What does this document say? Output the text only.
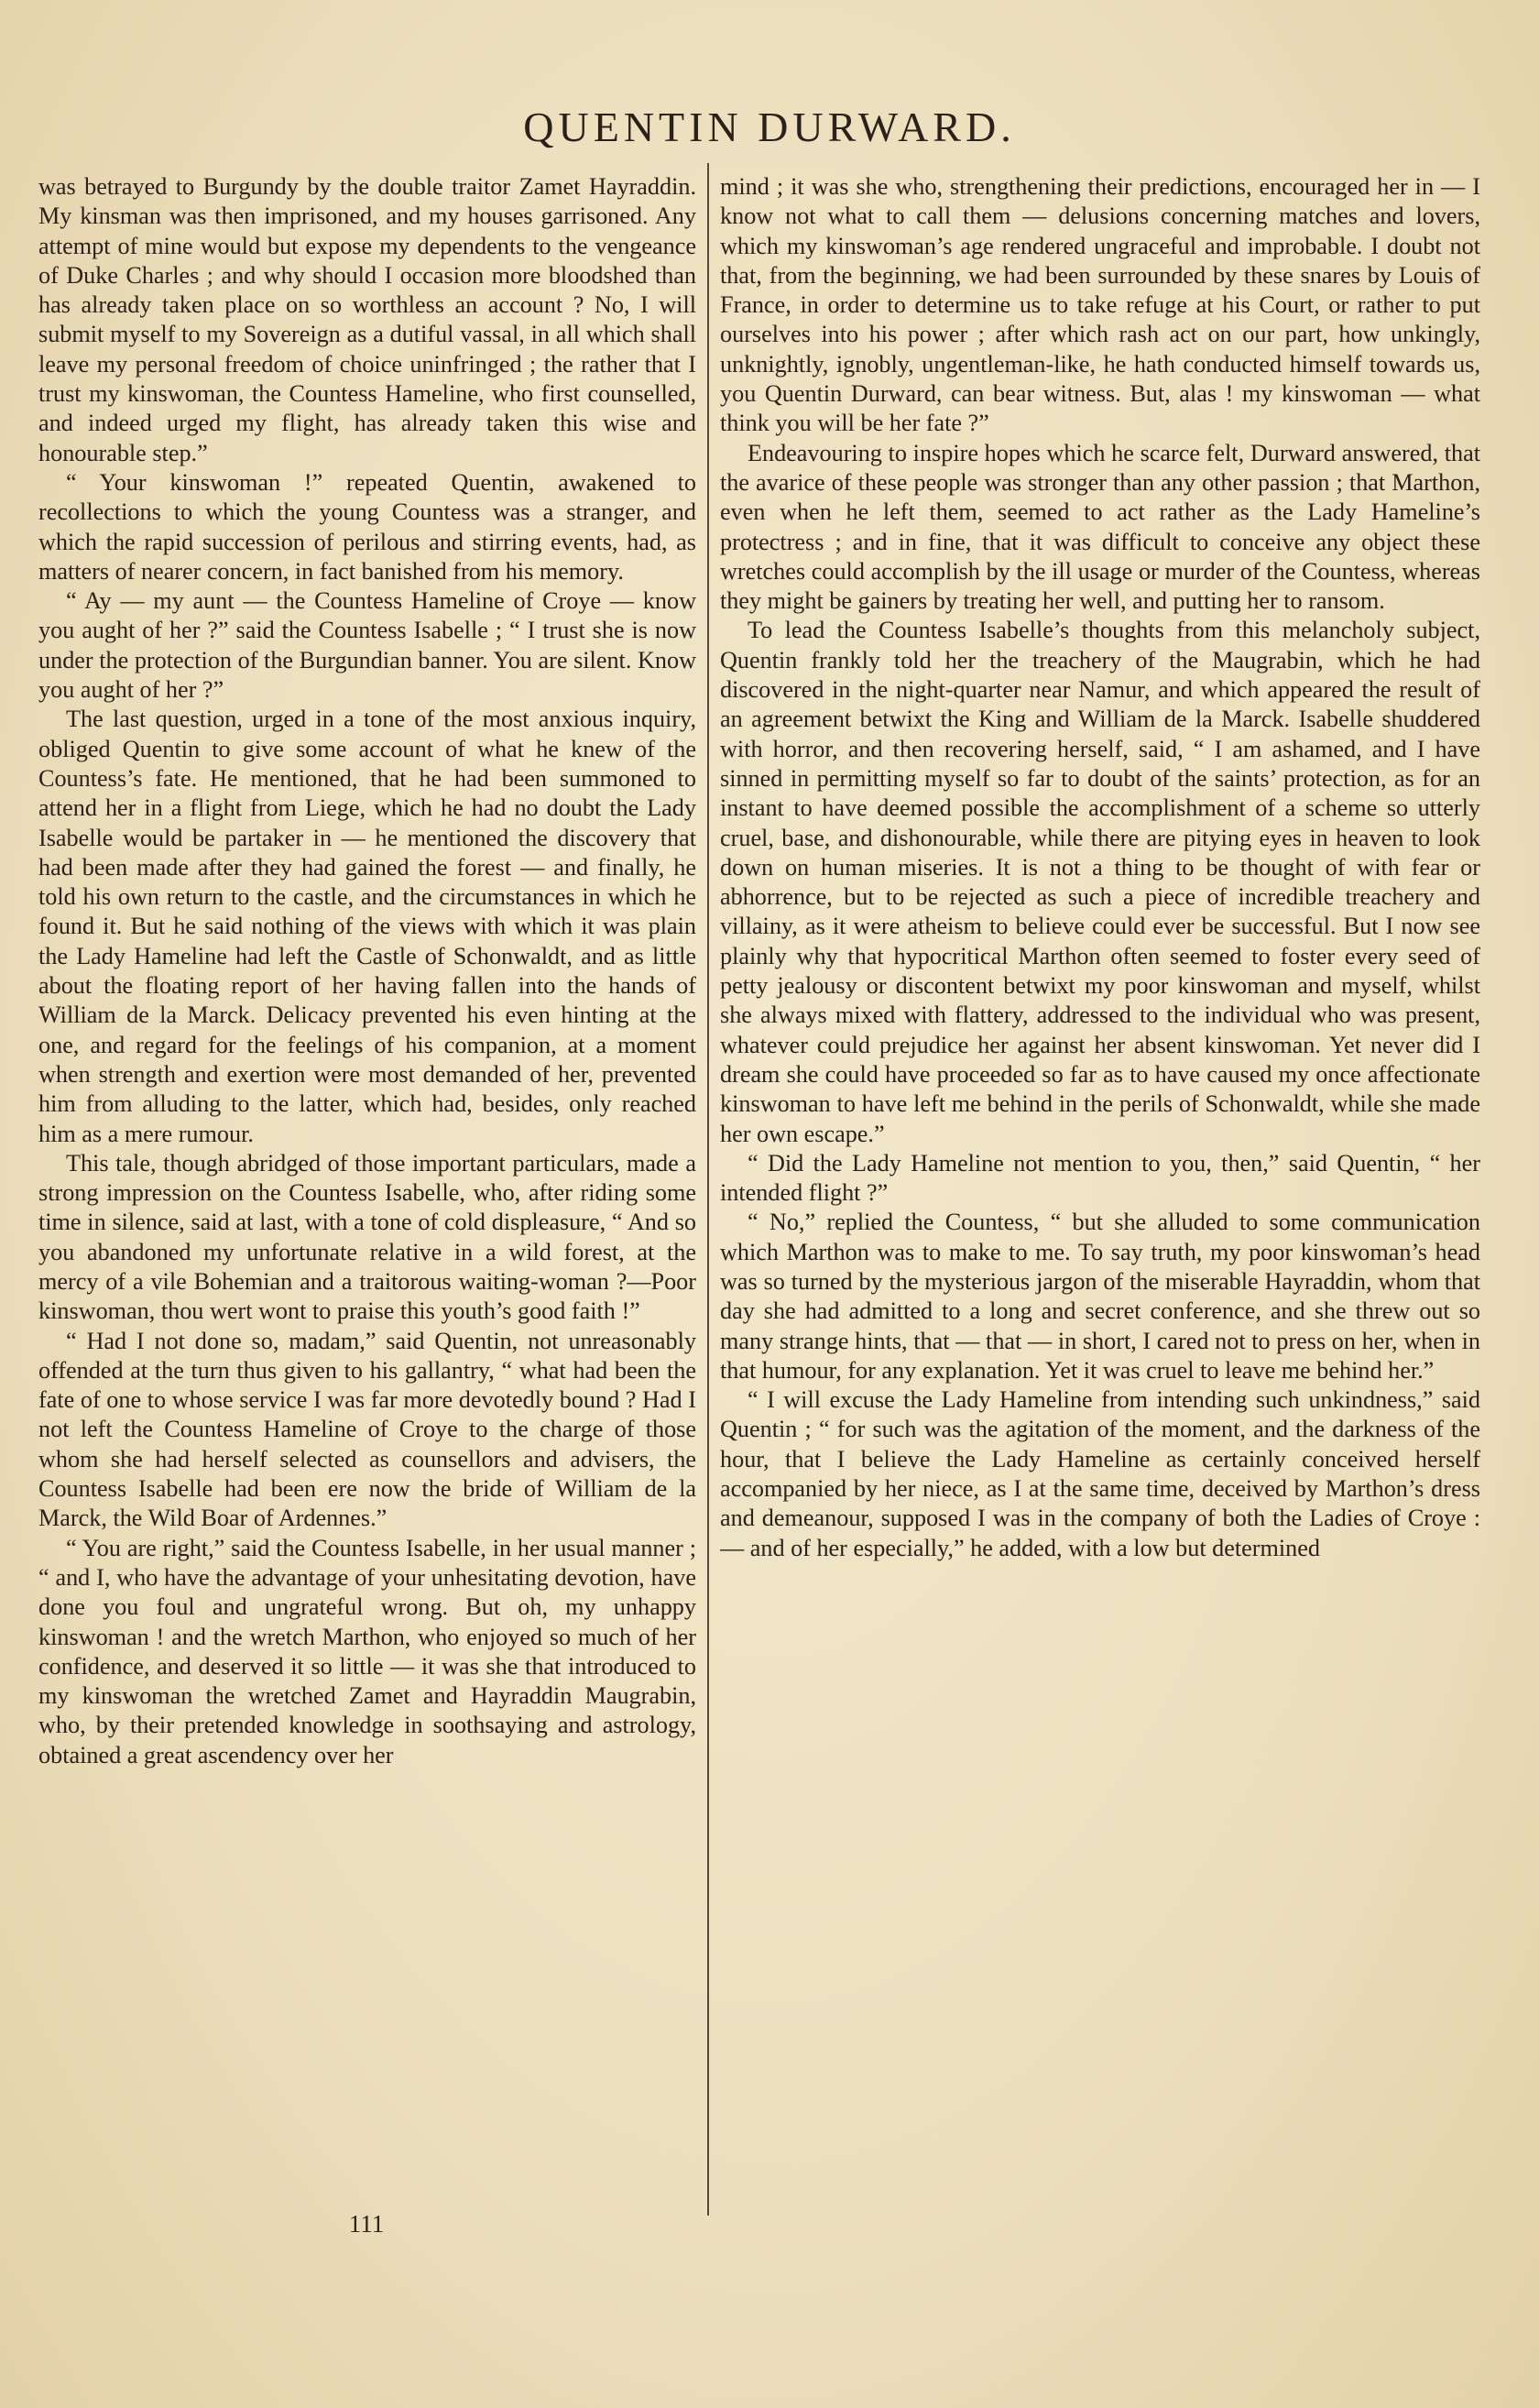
QUENTIN DURWARD.

was betrayed to Burgundy by the double traitor Zamet Hayraddin. My kinsman was then imprisoned, and my houses garrisoned. Any attempt of mine would but expose my dependents to the vengeance of Duke Charles ; and why should I occasion more bloodshed than has already taken place on so worthless an account ? No, I will submit myself to my Sovereign as a dutiful vassal, in all which shall leave my personal freedom of choice uninfringed ; the rather that I trust my kinswoman, the Countess Hameline, who first counselled, and indeed urged my flight, has already taken this wise and honourable step.”

“ Your kinswoman !” repeated Quentin, awakened to recollections to which the young Countess was a stranger, and which the rapid succession of perilous and stirring events, had, as matters of nearer concern, in fact banished from his memory.

“ Ay — my aunt — the Countess Hameline of Croye — know you aught of her ?” said the Countess Isabelle ; “ I trust she is now under the protection of the Burgundian banner. You are silent. Know you aught of her ?”

The last question, urged in a tone of the most anxious inquiry, obliged Quentin to give some account of what he knew of the Countess’s fate. He mentioned, that he had been summoned to attend her in a flight from Liege, which he had no doubt the Lady Isabelle would be partaker in — he mentioned the discovery that had been made after they had gained the forest — and finally, he told his own return to the castle, and the circumstances in which he found it. But he said nothing of the views with which it was plain the Lady Hameline had left the Castle of Schonwaldt, and as little about the floating report of her having fallen into the hands of William de la Marck. Delicacy prevented his even hinting at the one, and regard for the feelings of his companion, at a moment when strength and exertion were most demanded of her, prevented him from alluding to the latter, which had, besides, only reached him as a mere rumour.

This tale, though abridged of those important particulars, made a strong impression on the Countess Isabelle, who, after riding some time in silence, said at last, with a tone of cold displeasure, “ And so you abandoned my unfortunate relative in a wild forest, at the mercy of a vile Bohemian and a traitorous waiting-woman ?—Poor kinswoman, thou wert wont to praise this youth’s good faith !”

“ Had I not done so, madam,” said Quentin, not unreasonably offended at the turn thus given to his gallantry, “ what had been the fate of one to whose service I was far more devotedly bound ? Had I not left the Countess Hameline of Croye to the charge of those whom she had herself selected as counsellors and advisers, the Countess Isabelle had been ere now the bride of William de la Marck, the Wild Boar of Ardennes.”

“ You are right,” said the Countess Isabelle, in her usual manner ; “ and I, who have the advantage of your unhesitating devotion, have done you foul and ungrateful wrong. But oh, my unhappy kinswoman ! and the wretch Marthon, who enjoyed so much of her confidence, and deserved it so little — it was she that introduced to my kinswoman the wretched Zamet and Hayraddin Maugrabin, who, by their pretended knowledge in soothsaying and astrology, obtained a great ascendency over her

mind ; it was she who, strengthening their predictions, encouraged her in — I know not what to call them — delusions concerning matches and lovers, which my kinswoman’s age rendered ungraceful and improbable. I doubt not that, from the beginning, we had been surrounded by these snares by Louis of France, in order to determine us to take refuge at his Court, or rather to put ourselves into his power ; after which rash act on our part, how unkingly, unknightly, ignobly, ungentleman-like, he hath conducted himself towards us, you Quentin Durward, can bear witness. But, alas ! my kinswoman — what think you will be her fate ?”

Endeavouring to inspire hopes which he scarce felt, Durward answered, that the avarice of these people was stronger than any other passion ; that Marthon, even when he left them, seemed to act rather as the Lady Hameline’s protectress ; and in fine, that it was difficult to conceive any object these wretches could accomplish by the ill usage or murder of the Countess, whereas they might be gainers by treating her well, and putting her to ransom.

To lead the Countess Isabelle’s thoughts from this melancholy subject, Quentin frankly told her the treachery of the Maugrabin, which he had discovered in the night-quarter near Namur, and which appeared the result of an agreement betwixt the King and William de la Marck. Isabelle shuddered with horror, and then recovering herself, said, “ I am ashamed, and I have sinned in permitting myself so far to doubt of the saints’ protection, as for an instant to have deemed possible the accomplishment of a scheme so utterly cruel, base, and dishonourable, while there are pitying eyes in heaven to look down on human miseries. It is not a thing to be thought of with fear or abhorrence, but to be rejected as such a piece of incredible treachery and villainy, as it were atheism to believe could ever be successful. But I now see plainly why that hypocritical Marthon often seemed to foster every seed of petty jealousy or discontent betwixt my poor kinswoman and myself, whilst she always mixed with flattery, addressed to the individual who was present, whatever could prejudice her against her absent kinswoman. Yet never did I dream she could have proceeded so far as to have caused my once affectionate kinswoman to have left me behind in the perils of Schonwaldt, while she made her own escape.”

“ Did the Lady Hameline not mention to you, then,” said Quentin, “ her intended flight ?”

“ No,” replied the Countess, “ but she alluded to some communication which Marthon was to make to me. To say truth, my poor kinswoman’s head was so turned by the mysterious jargon of the miserable Hayraddin, whom that day she had admitted to a long and secret conference, and she threw out so many strange hints, that — that — in short, I cared not to press on her, when in that humour, for any explanation. Yet it was cruel to leave me behind her.”

“ I will excuse the Lady Hameline from intending such unkindness,” said Quentin ; “ for such was the agitation of the moment, and the darkness of the hour, that I believe the Lady Hameline as certainly conceived herself accompanied by her niece, as I at the same time, deceived by Marthon’s dress and demeanour, supposed I was in the company of both the Ladies of Croye : — and of her especially,” he added, with a low but determined

111
